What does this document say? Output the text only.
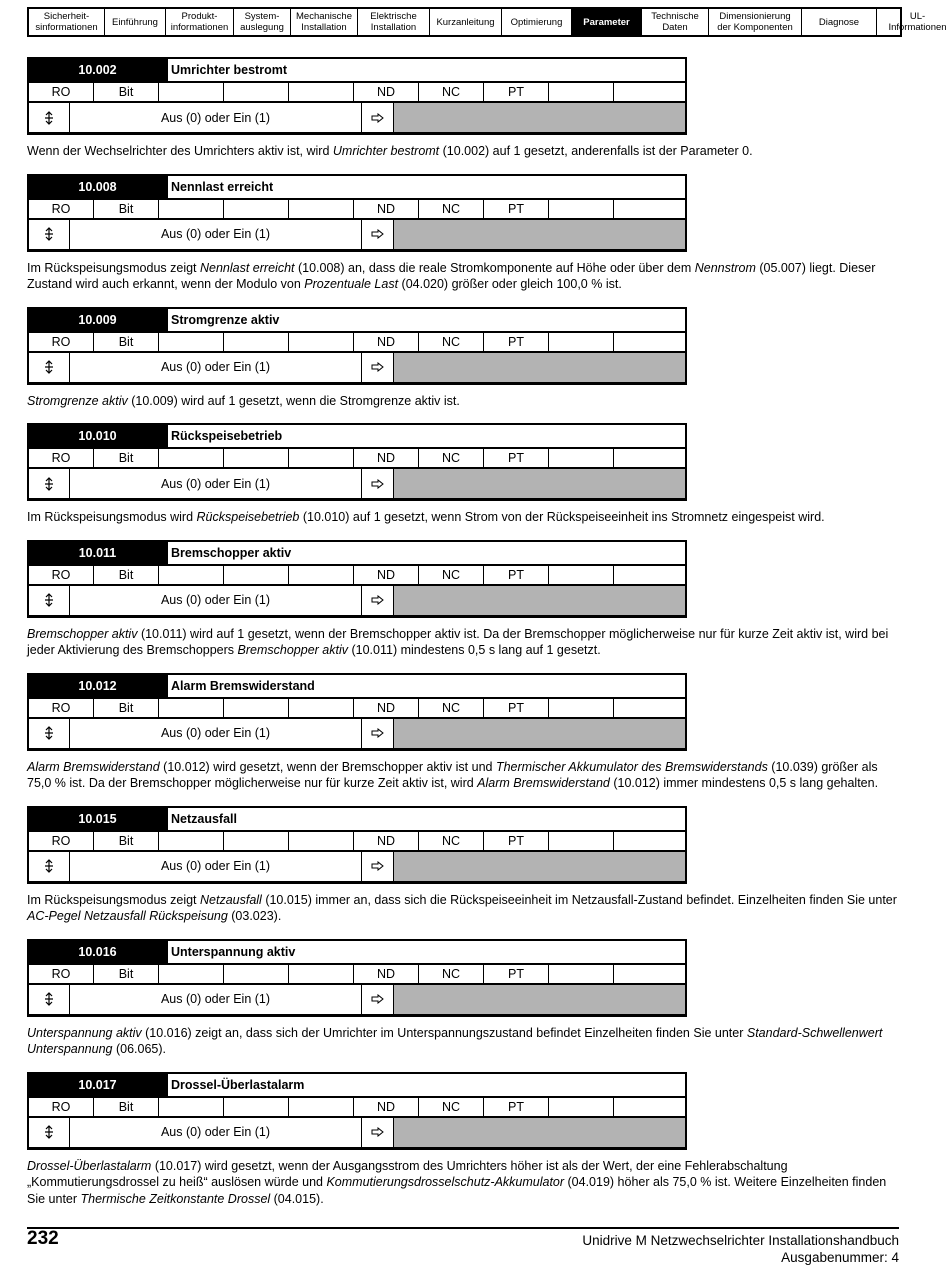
Sicherheit-
sinformationen	Einführung	Produkt-
informationen
System-
auslegung
Mechanische
Installation
Elektrische
Installation	Kurzanleitung	Optimierung	Parameter	Technische
Daten
Dimensionierung
der Komponenten	Diagnose	UL-
Informationen
10.002	Umrichter bestromt
RO	Bit	ND	NC	PT
Aus (0) oder Ein (1)

Wenn der Wechselrichter des Umrichters aktiv ist, wird Umrichter bestromt (10.002) auf 1 gesetzt, anderenfalls ist der Parameter 0.

10.008	Nennlast erreicht
RO	Bit	ND	NC	PT
Aus (0) oder Ein (1)

Im Rückspeisungsmodus zeigt Nennlast erreicht (10.008) an, dass die reale Stromkomponente auf Höhe oder über dem Nennstrom (05.007) liegt. Dieser Zustand wird auch erkannt, wenn der Modulo von Prozentuale Last (04.020) größer oder gleich 100,0 % ist.

10.009	Stromgrenze aktiv
RO	Bit	ND	NC	PT
Aus (0) oder Ein (1)

Stromgrenze aktiv (10.009) wird auf 1 gesetzt, wenn die Stromgrenze aktiv ist.

10.010	Rückspeisebetrieb
RO	Bit	ND	NC	PT
Aus (0) oder Ein (1)

Im Rückspeisungsmodus wird Rückspeisebetrieb (10.010) auf 1 gesetzt, wenn Strom von der Rückspeiseeinheit ins Stromnetz eingespeist wird.

10.011	Bremschopper aktiv
RO	Bit	ND	NC	PT
Aus (0) oder Ein (1)

Bremschopper aktiv (10.011) wird auf 1 gesetzt, wenn der Bremschopper aktiv ist. Da der Bremschopper möglicherweise nur für kurze Zeit aktiv ist, wird bei jeder Aktivierung des Bremschoppers Bremschopper aktiv (10.011) mindestens 0,5 s lang auf 1 gesetzt.

10.012	Alarm Bremswiderstand
RO	Bit	ND	NC	PT
Aus (0) oder Ein (1)

Alarm Bremswiderstand (10.012) wird gesetzt, wenn der Bremschopper aktiv ist und Thermischer Akkumulator des Bremswiderstands (10.039) größer als 75,0 % ist. Da der Bremschopper möglicherweise nur für kurze Zeit aktiv ist, wird Alarm Bremswiderstand (10.012) immer mindestens 0,5 s lang gehalten.

10.015	Netzausfall
RO	Bit	ND	NC	PT
Aus (0) oder Ein (1)

Im Rückspeisungsmodus zeigt Netzausfall (10.015) immer an, dass sich die Rückspeiseeinheit im Netzausfall-Zustand befindet. Einzelheiten finden Sie unter AC-Pegel Netzausfall Rückspeisung (03.023).

10.016	Unterspannung aktiv
RO	Bit	ND	NC	PT
Aus (0) oder Ein (1)

Unterspannung aktiv (10.016) zeigt an, dass sich der Umrichter im Unterspannungszustand befindet Einzelheiten finden Sie unter Standard-Schwellenwert Unterspannung (06.065).

10.017	Drossel-Überlastalarm
RO	Bit	ND	NC	PT
Aus (0) oder Ein (1)

Drossel-Überlastalarm (10.017) wird gesetzt, wenn der Ausgangsstrom des Umrichters höher ist als der Wert, der eine Fehlerabschaltung „Kommutierungsdrossel zu heiß“ auslösen würde und Kommutierungsdrosselschutz-Akkumulator (04.019) höher als 75,0 % ist. Weitere Einzelheiten finden Sie unter Thermische Zeitkonstante Drossel (04.015).

232	Unidrive M Netzwechselrichter Installationshandbuch
Ausgabenummer: 4
